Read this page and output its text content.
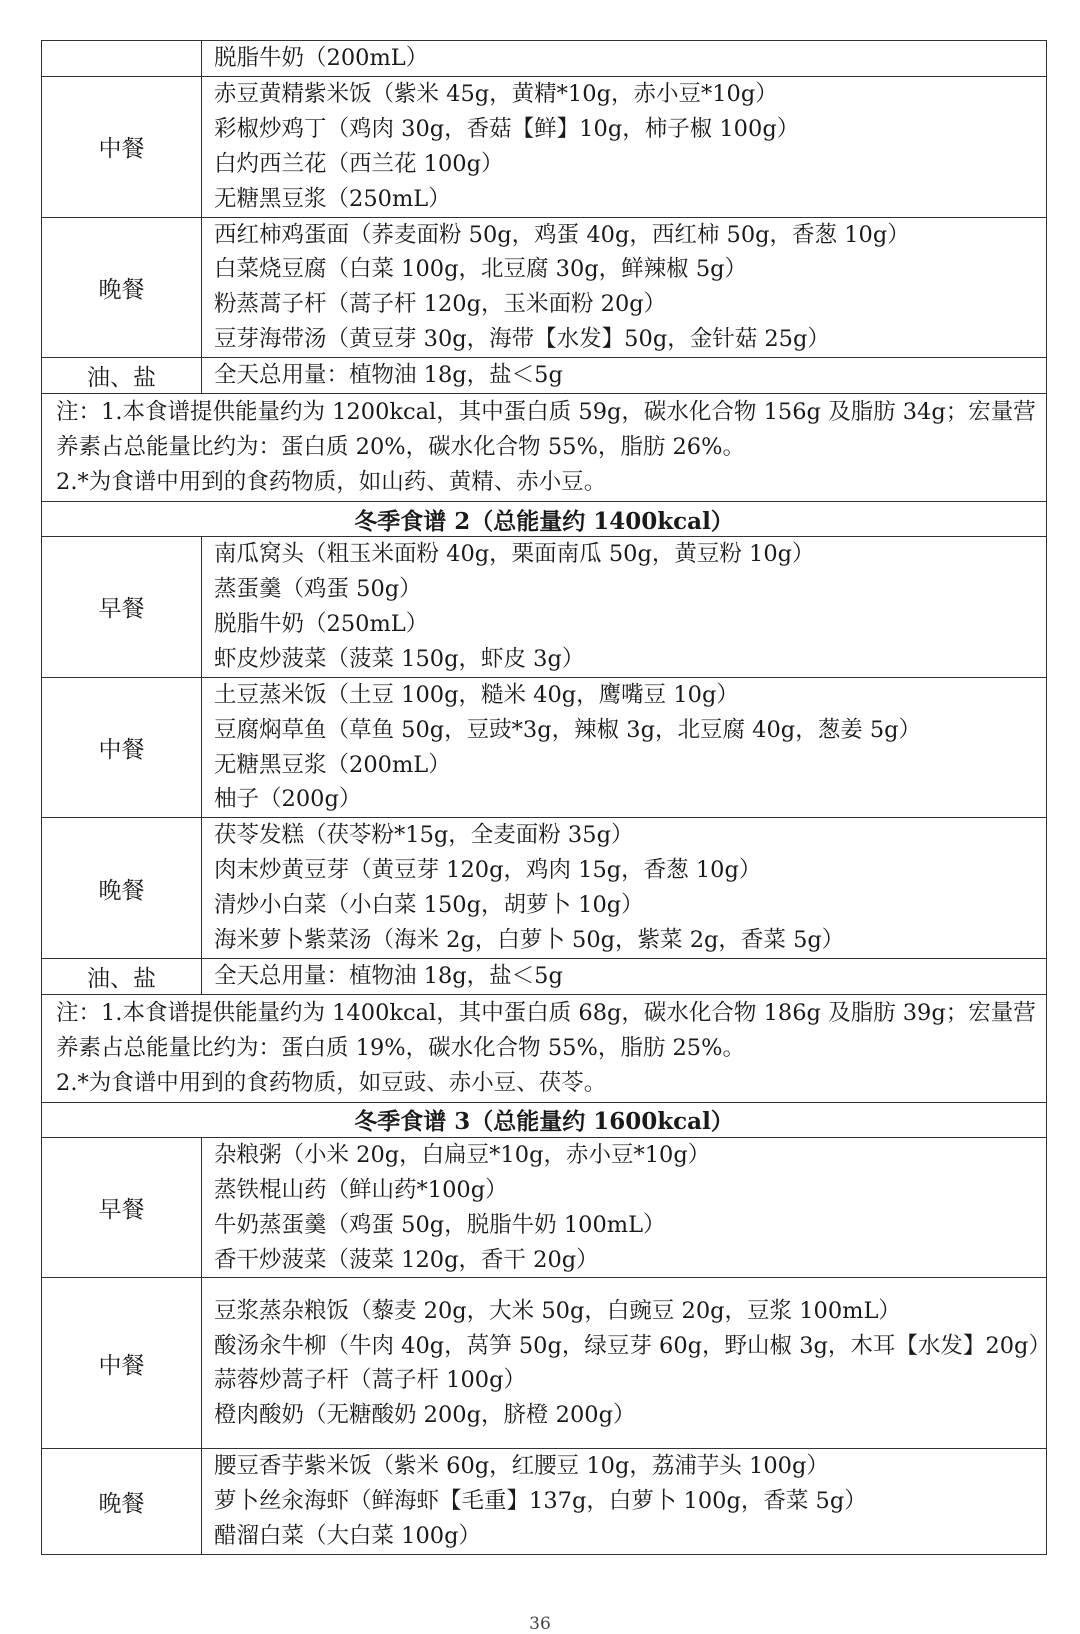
	脱脂牛奶（200mL）

中餐	赤豆黄精紫米饭（紫米 45g，黄精*10g，赤小豆*10g）
彩椒炒鸡丁（鸡肉 30g，香菇【鲜】10g，柿子椒 100g）
白灼西兰花（西兰花 100g）
无糖黑豆浆（250mL）

晚餐	西红柿鸡蛋面（荞麦面粉 50g，鸡蛋 40g，西红柿 50g，香葱 10g）
白菜烧豆腐（白菜 100g，北豆腐 30g，鲜辣椒 5g）
粉蒸蒿子杆（蒿子杆 120g，玉米面粉 20g）
豆芽海带汤（黄豆芽 30g，海带【水发】50g，金针菇 25g）

油、盐	全天总用量：植物油 18g，盐＜5g

注：1.本食谱提供能量约为 1200kcal，其中蛋白质 59g，碳水化合物 156g 及脂肪 34g；宏量营养素占总能量比约为：蛋白质 20%，碳水化合物 55%，脂肪 26%。
2.*为食谱中用到的食药物质，如山药、黄精、赤小豆。	

冬季食谱 2（总能量约 1400kcal）	
早餐	南瓜窝头（粗玉米面粉 40g，栗面南瓜 50g，黄豆粉 10g）
蒸蛋羹（鸡蛋 50g）
脱脂牛奶（250mL）
虾皮炒菠菜（菠菜 150g，虾皮 3g）

中餐	土豆蒸米饭（土豆 100g，糙米 40g，鹰嘴豆 10g）
豆腐焖草鱼（草鱼 50g，豆豉*3g，辣椒 3g，北豆腐 40g，葱姜 5g）
无糖黑豆浆（200mL）
柚子（200g）

晚餐	茯苓发糕（茯苓粉*15g，全麦面粉 35g）
肉末炒黄豆芽（黄豆芽 120g，鸡肉 15g，香葱 10g）
清炒小白菜（小白菜 150g，胡萝卜 10g）
海米萝卜紫菜汤（海米 2g，白萝卜 50g，紫菜 2g，香菜 5g）

油、盐	全天总用量：植物油 18g，盐＜5g

注：1.本食谱提供能量约为 1400kcal，其中蛋白质 68g，碳水化合物 186g 及脂肪 39g；宏量营养素占总能量比约为：蛋白质 19%，碳水化合物 55%，脂肪 25%。
2.*为食谱中用到的食药物质，如豆豉、赤小豆、茯苓。	

冬季食谱 3（总能量约 1600kcal）	
早餐	杂粮粥（小米 20g，白扁豆*10g，赤小豆*10g）
蒸铁棍山药（鲜山药*100g）
牛奶蒸蛋羹（鸡蛋 50g，脱脂牛奶 100mL）
香干炒菠菜（菠菜 120g，香干 20g）

中餐	豆浆蒸杂粮饭（藜麦 20g，大米 50g，白豌豆 20g，豆浆 100mL）
酸汤汆牛柳（牛肉 40g，莴笋 50g，绿豆芽 60g，野山椒 3g，木耳【水发】20g）
蒜蓉炒蒿子杆（蒿子杆 100g）
橙肉酸奶（无糖酸奶 200g，脐橙 200g）

晚餐	腰豆香芋紫米饭（紫米 60g，红腰豆 10g，荔浦芋头 100g）
萝卜丝汆海虾（鲜海虾【毛重】137g，白萝卜 100g，香菜 5g）
醋溜白菜（大白菜 100g）
36
